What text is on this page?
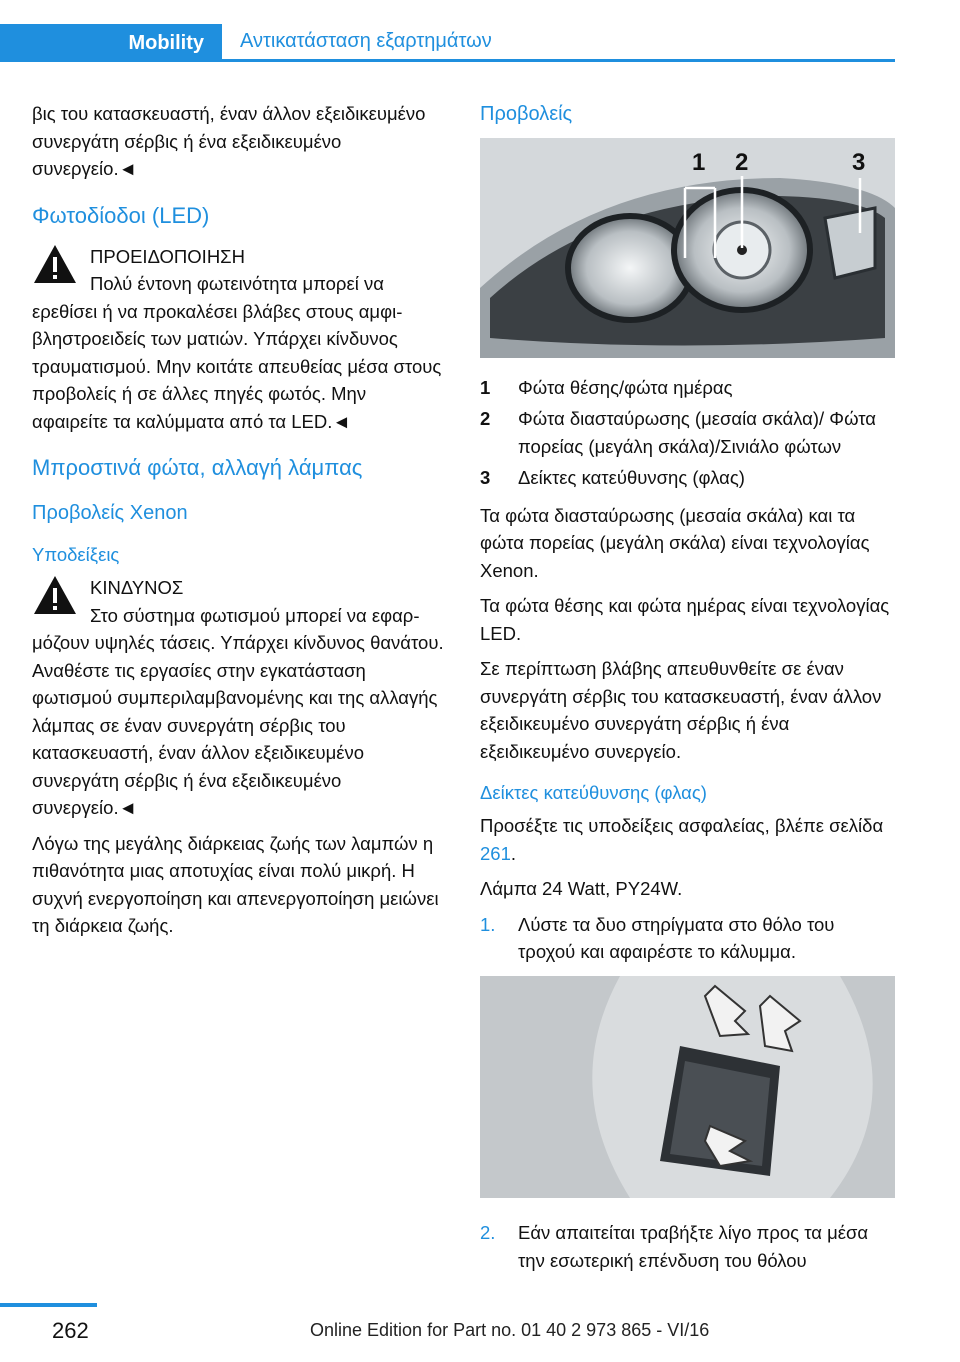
Mobility	Αντικατάσταση εξαρτημάτων

βις του κατασκευαστή, έναν άλλον εξειδικευμένο συνεργάτη σέρβις ή ένα εξειδικευμένο συνεργείο.◄

Φωτοδίοδοι (LED)
ΠΡΟΕΙΔΟΠΟΙΗΣΗ
Πολύ έντονη φωτεινότητα μπορεί να ερεθίσει ή να προκαλέσει βλάβες στους αμφιβληστροειδείς των ματιών. Υπάρχει κίνδυνος τραυματισμού. Μην κοιτάτε απευθείας μέσα στους προβολείς ή σε άλλες πηγές φωτός. Μην αφαιρείτε τα καλύμματα από τα LED.◄
Μπροστινά φώτα, αλλαγή λάμπας
Προβολείς Xenon
Υποδείξεις
ΚΙΝΔΥΝΟΣ
Στο σύστημα φωτισμού μπορεί να εφαρμόζουν υψηλές τάσεις. Υπάρχει κίνδυνος θανάτου. Αναθέστε τις εργασίες στην εγκατάσταση φωτισμού συμπεριλαμβανομένης και της αλλαγής λάμπας σε έναν συνεργάτη σέρβις του κατασκευαστή, έναν άλλον εξειδικευμένο συνεργάτη σέρβις ή ένα εξειδικευμένο συνεργείο.◄

Λόγω της μεγάλης διάρκειας ζωής των λαμπών η πιθανότητα μιας αποτυχίας είναι πολύ μικρή. Η συχνή ενεργοποίηση και απενεργοποίηση μειώνει τη διάρκεια ζωής.

Προβολείς
1 2	3
1	Φώτα θέσης/φώτα ημέρας
2	Φώτα διασταύρωσης (μεσαία σκάλα)/ Φώτα πορείας (μεγάλη σκάλα)/Σινιάλο φώτων
3	Δείκτες κατεύθυνσης (φλας)

Τα φώτα διασταύρωσης (μεσαία σκάλα) και τα φώτα πορείας (μεγάλη σκάλα) είναι τεχνολογίας Xenon.

Τα φώτα θέσης και φώτα ημέρας είναι τεχνολογίας LED.

Σε περίπτωση βλάβης απευθυνθείτε σε έναν συνεργάτη σέρβις του κατασκευαστή, έναν άλλον εξειδικευμένο συνεργάτη σέρβις ή ένα εξειδικευμένο συνεργείο.

Δείκτες κατεύθυνσης (φλας)

Προσέξτε τις υποδείξεις ασφαλείας, βλέπε σελίδα 261.

Λάμπα 24 Watt, PY24W.

1.	Λύστε τα δυο στηρίγματα στο θόλο του τροχού και αφαιρέστε το κάλυμμα.
2.	Εάν απαιτείται τραβήξτε λίγο προς τα μέσα την εσωτερική επένδυση του θόλου
262	Online Edition for Part no. 01 40 2 973 865 - VI/16
